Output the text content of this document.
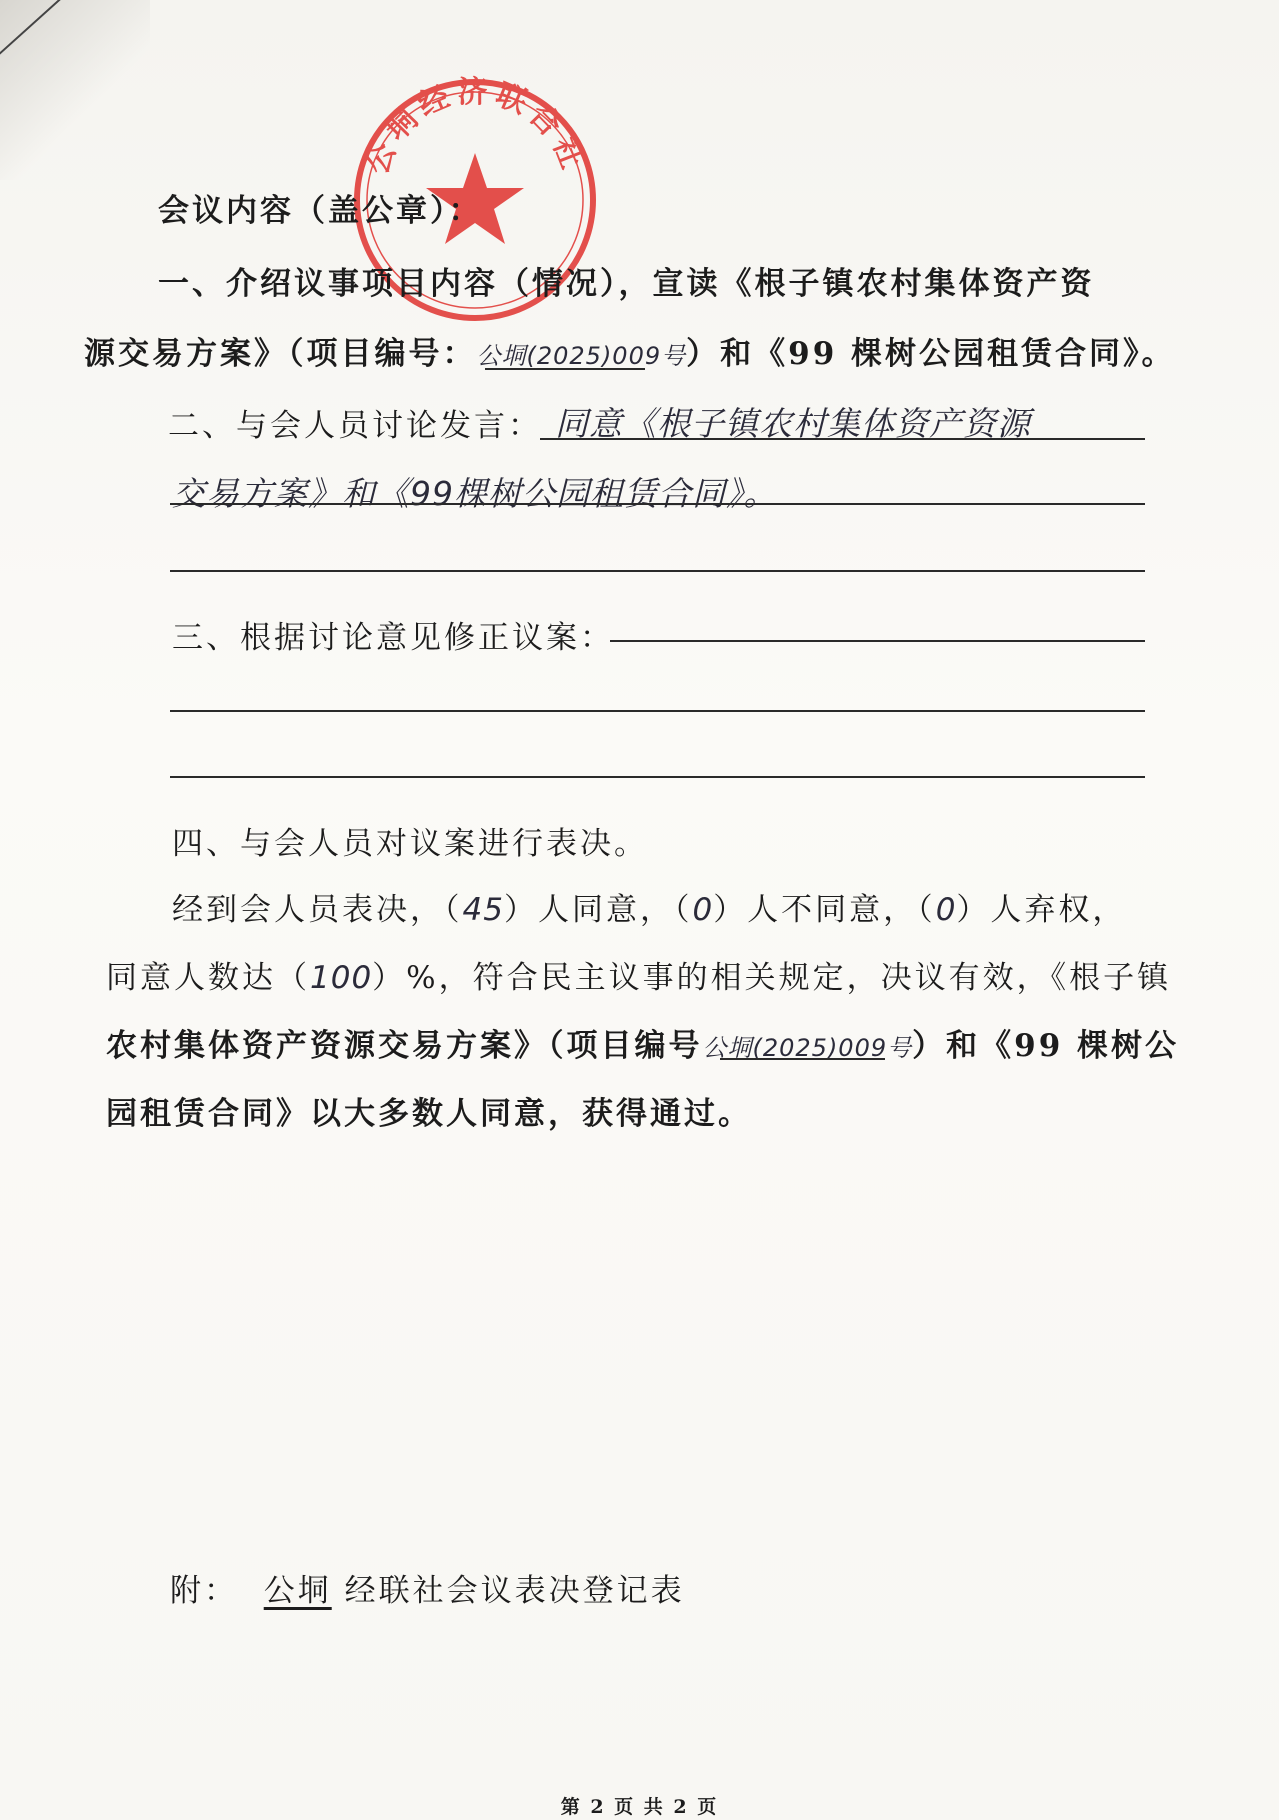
公垌经济联合社
会议内容（盖公章）：
一、介绍议事项目内容（情况），宣读《根子镇农村集体资产资
源交易方案》（项目编号：公垌(2025)009号）和《99 棵树公园租赁合同》。
二、与会人员讨论发言： 同意《根子镇农村集体资产资源
交易方案》和《99棵树公园租赁合同》。
三、根据讨论意见修正议案：
四、与会人员对议案进行表决。
经到会人员表决，（45）人同意，（0）人不同意，（0）人弃权，
同意人数达（100）%，符合民主议事的相关规定，决议有效，《根子镇
农村集体资产资源交易方案》（项目编号公垌(2025)009号）和《99 棵树公
园租赁合同》以大多数人同意，获得通过。
附： 公垌 经联社会议表决登记表
第 2 页 共 2 页
